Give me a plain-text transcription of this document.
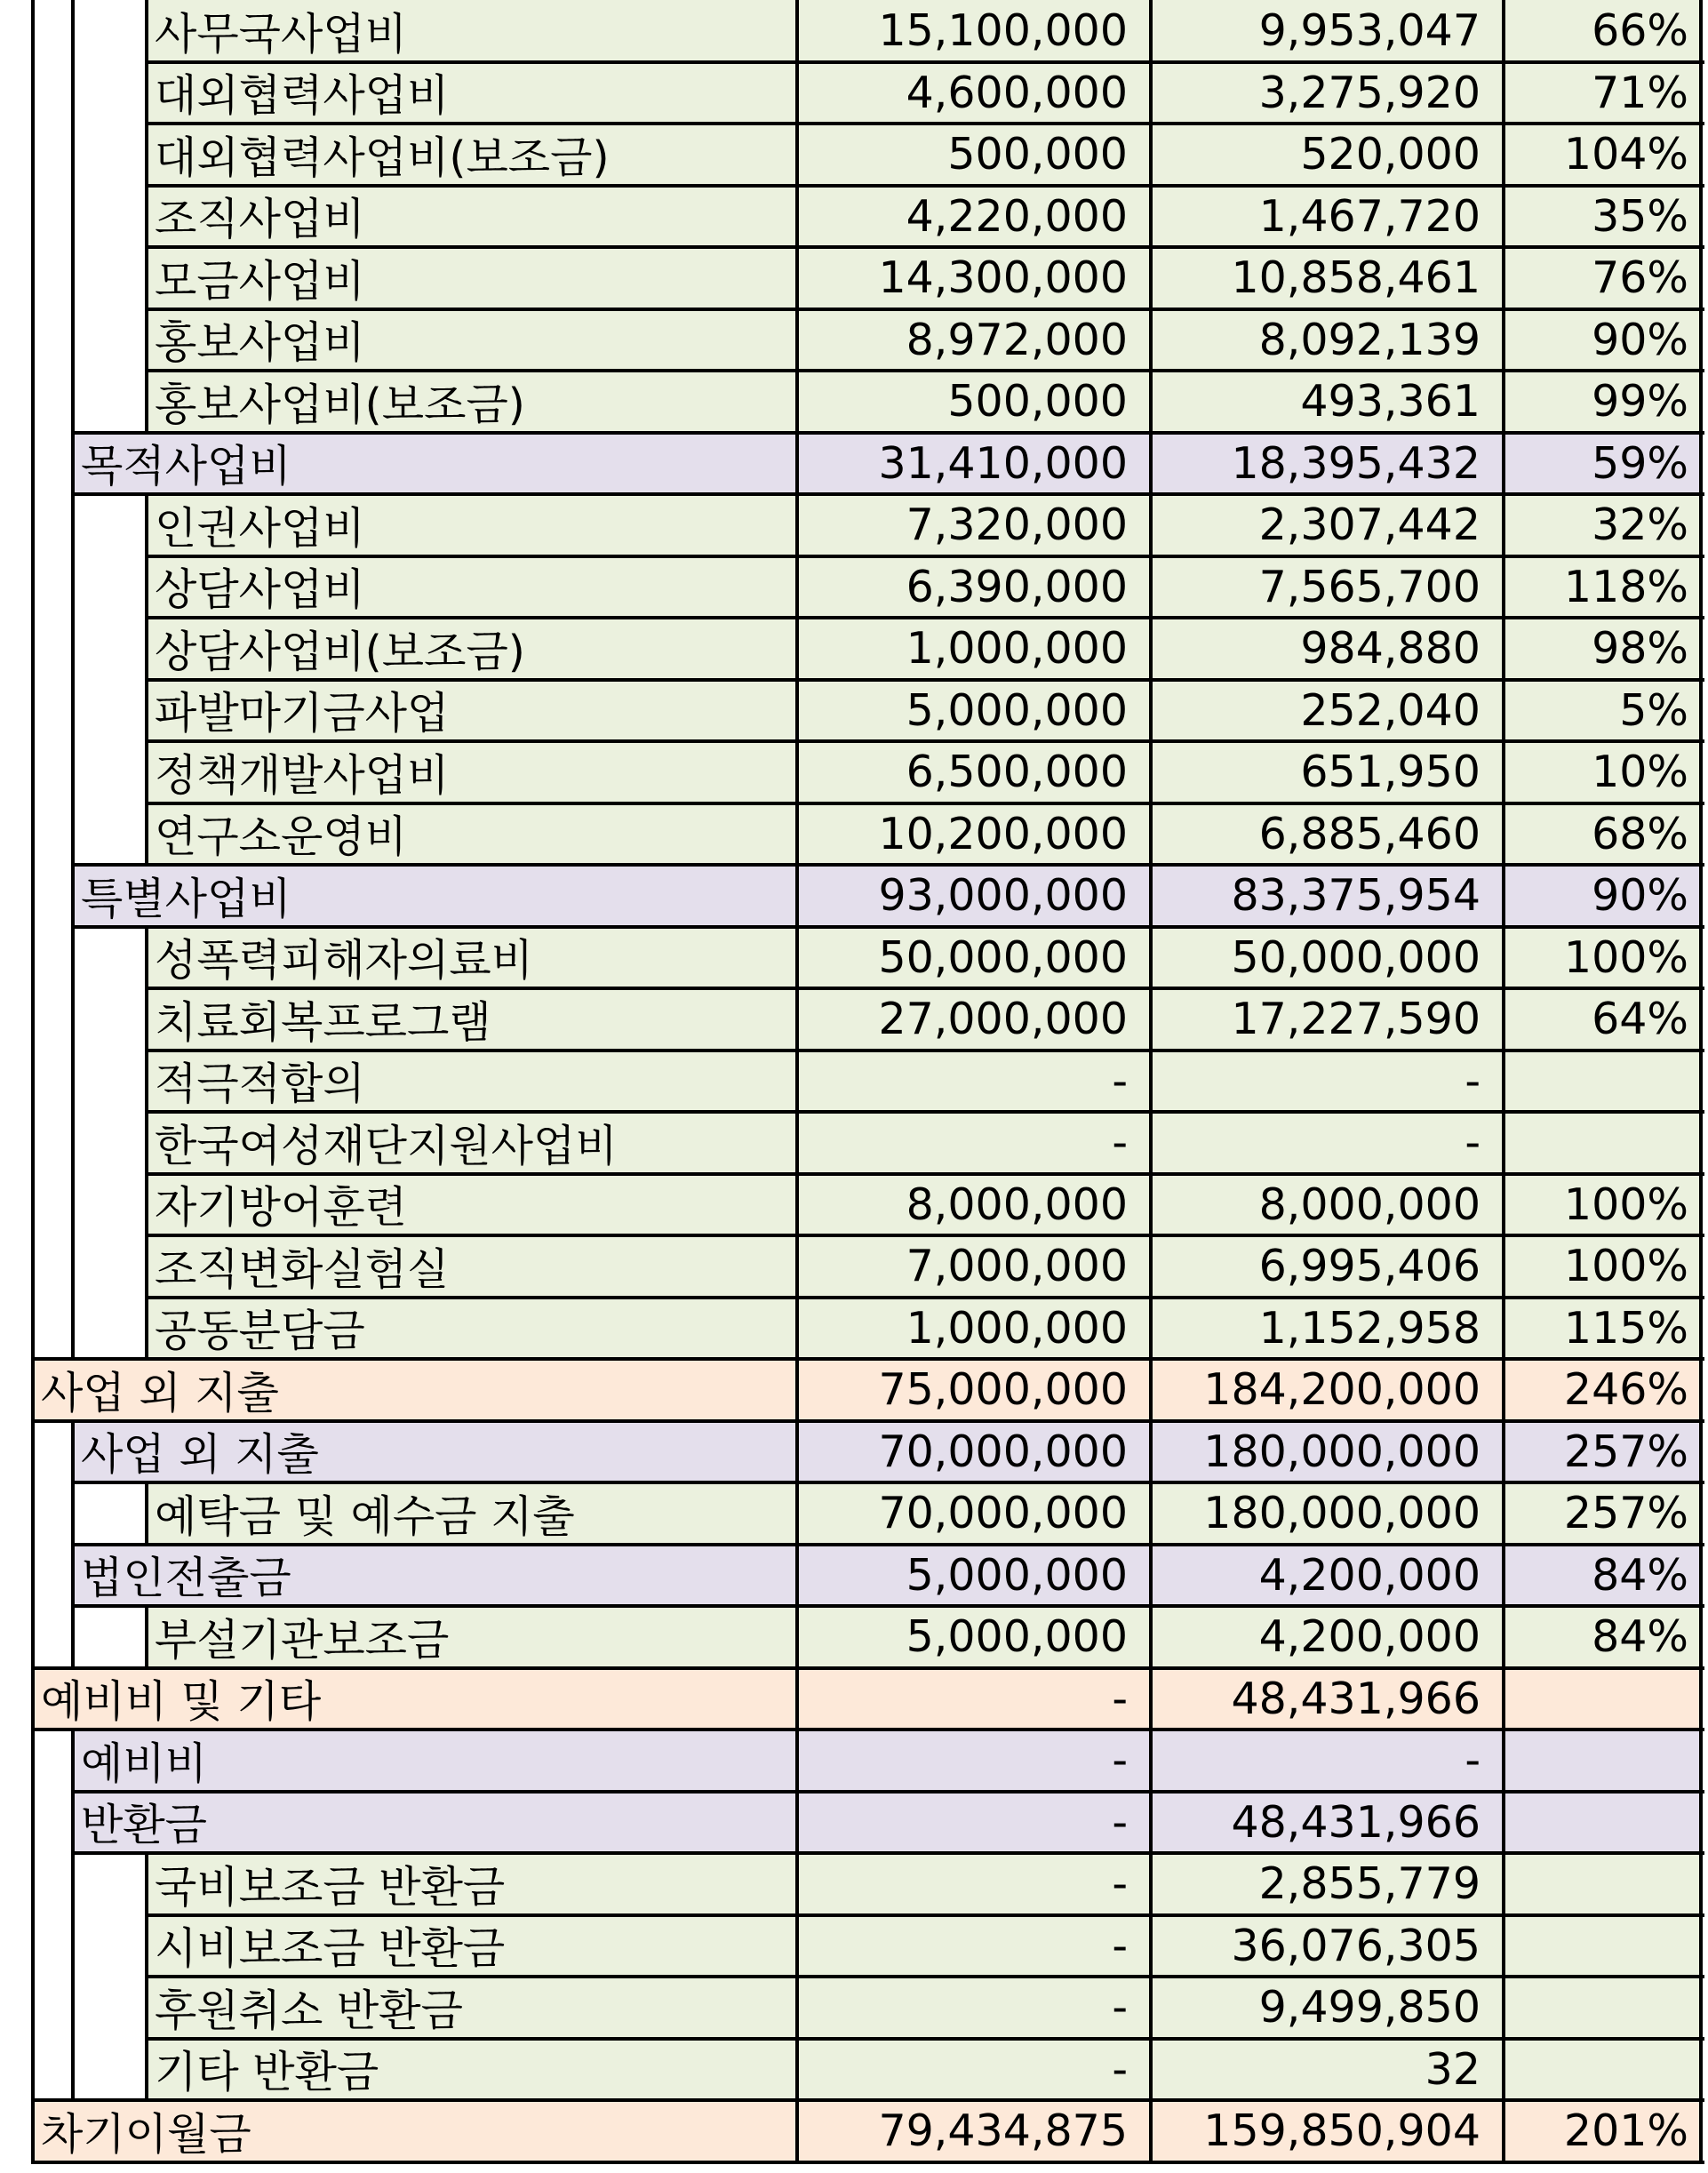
사무국사업비	15,100,000	9,953,047	66%
대외협력사업비	4,600,000	3,275,920	71%
대외협력사업비(보조금)	500,000	520,000	104%
조직사업비	4,220,000	1,467,720	35%
모금사업비	14,300,000	10,858,461	76%
홍보사업비	8,972,000	8,092,139	90%
홍보사업비(보조금)	500,000	493,361	99%
목적사업비	31,410,000	18,395,432	59%
인권사업비	7,320,000	2,307,442	32%
상담사업비	6,390,000	7,565,700	118%
상담사업비(보조금)	1,000,000	984,880	98%
파발마기금사업	5,000,000	252,040	5%
정책개발사업비	6,500,000	651,950	10%
연구소운영비	10,200,000	6,885,460	68%
특별사업비	93,000,000	83,375,954	90%
성폭력피해자의료비	50,000,000	50,000,000	100%
치료회복프로그램	27,000,000	17,227,590	64%
적극적합의	-	-
한국여성재단지원사업비	-	-
자기방어훈련	8,000,000	8,000,000	100%
조직변화실험실	7,000,000	6,995,406	100%
공동분담금	1,000,000	1,152,958	115%
사업 외 지출	75,000,000	184,200,000	246%
사업 외 지출	70,000,000	180,000,000	257%
예탁금 및 예수금 지출	70,000,000	180,000,000	257%
법인전출금	5,000,000	4,200,000	84%
부설기관보조금	5,000,000	4,200,000	84%
예비비 및 기타	-	48,431,966
예비비	-	-
반환금	-	48,431,966
국비보조금 반환금	-	2,855,779
시비보조금 반환금	-	36,076,305
후원취소 반환금	-	9,499,850
기타 반환금	-	32
차기이월금	79,434,875	159,850,904	201%
